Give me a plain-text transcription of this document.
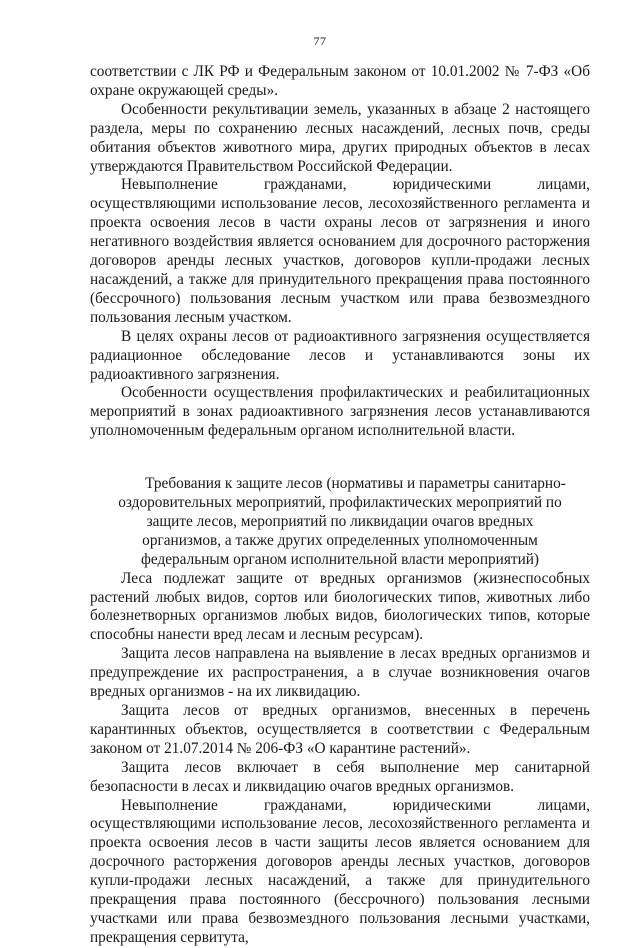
77

соответствии с ЛК РФ и Федеральным законом от 10.01.2002 № 7-ФЗ «Об охране окружающей среды».

Особенности рекультивации земель, указанных в абзаце 2 настоящего раздела, меры по сохранению лесных насаждений, лесных почв, среды обитания объектов животного мира, других природных объектов в лесах утверждаются Правительством Российской Федерации.

Невыполнение гражданами, юридическими лицами, осуществляющими использование лесов, лесохозяйственного регламента и проекта освоения лесов в части охраны лесов от загрязнения и иного негативного воздействия является основанием для досрочного расторжения договоров аренды лесных участков, договоров купли-продажи лесных насаждений, а также для принудительного прекращения права постоянного (бессрочного) пользования лесным участком или права безвозмездного пользования лесным участком.

В целях охраны лесов от радиоактивного загрязнения осуществляется радиационное обследование лесов и устанавливаются зоны их радиоактивного загрязнения.

Особенности осуществления профилактических и реабилитационных мероприятий в зонах радиоактивного загрязнения лесов устанавливаются уполномоченным федеральным органом исполнительной власти.

Требования к защите лесов (нормативы и параметры санитарно-оздоровительных мероприятий, профилактических мероприятий по защите лесов, мероприятий по ликвидации очагов вредных организмов, а также других определенных уполномоченным федеральным органом исполнительной власти мероприятий)

Леса подлежат защите от вредных организмов (жизнеспособных растений любых видов, сортов или биологических типов, животных либо болезнетворных организмов любых видов, биологических типов, которые способны нанести вред лесам и лесным ресурсам).

Защита лесов направлена на выявление в лесах вредных организмов и предупреждение их распространения, а в случае возникновения очагов вредных организмов - на их ликвидацию.

Защита лесов от вредных организмов, внесенных в перечень карантинных объектов, осуществляется в соответствии с Федеральным законом от 21.07.2014 № 206-ФЗ «О карантине растений».

Защита лесов включает в себя выполнение мер санитарной безопасности в лесах и ликвидацию очагов вредных организмов.

Невыполнение гражданами, юридическими лицами, осуществляющими использование лесов, лесохозяйственного регламента и проекта освоения лесов в части защиты лесов является основанием для досрочного расторжения договоров аренды лесных участков, договоров купли-продажи лесных насаждений, а также для принудительного прекращения права постоянного (бессрочного) пользования лесными участками или права безвозмездного пользования лесными участками, прекращения сервитута,
